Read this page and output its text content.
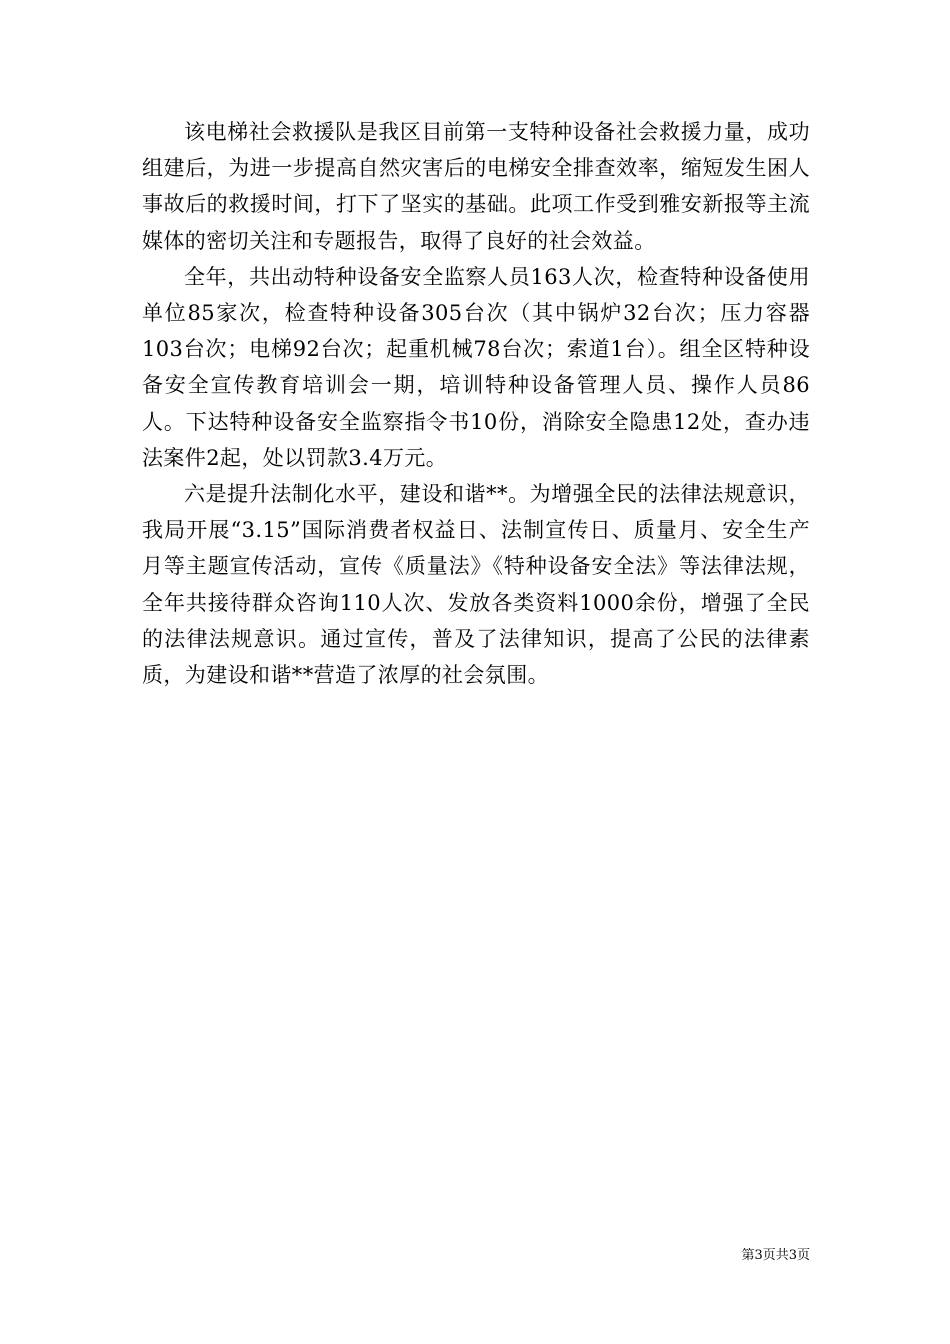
该电梯社会救援队是我区目前第一支特种设备社会救援力量，成功组建后，为进一步提高自然灾害后的电梯安全排查效率，缩短发生困人事故后的救援时间，打下了坚实的基础。此项工作受到雅安新报等主流媒体的密切关注和专题报告，取得了良好的社会效益。

全年，共出动特种设备安全监察人员163人次，检查特种设备使用单位85家次，检查特种设备305台次（其中锅炉32台次；压力容器103台次；电梯92台次；起重机械78台次；索道1台）。组全区特种设备安全宣传教育培训会一期，培训特种设备管理人员、操作人员86人。下达特种设备安全监察指令书10份，消除安全隐患12处，查办违法案件2起，处以罚款3.4万元。

六是提升法制化水平，建设和谐**。为增强全民的法律法规意识，我局开展“3.15”国际消费者权益日、法制宣传日、质量月、安全生产月等主题宣传活动，宣传《质量法》《特种设备安全法》等法律法规，全年共接待群众咨询110人次、发放各类资料1000余份，增强了全民的法律法规意识。通过宣传，普及了法律知识，提高了公民的法律素质，为建设和谐**营造了浓厚的社会氛围。

第3页共3页
